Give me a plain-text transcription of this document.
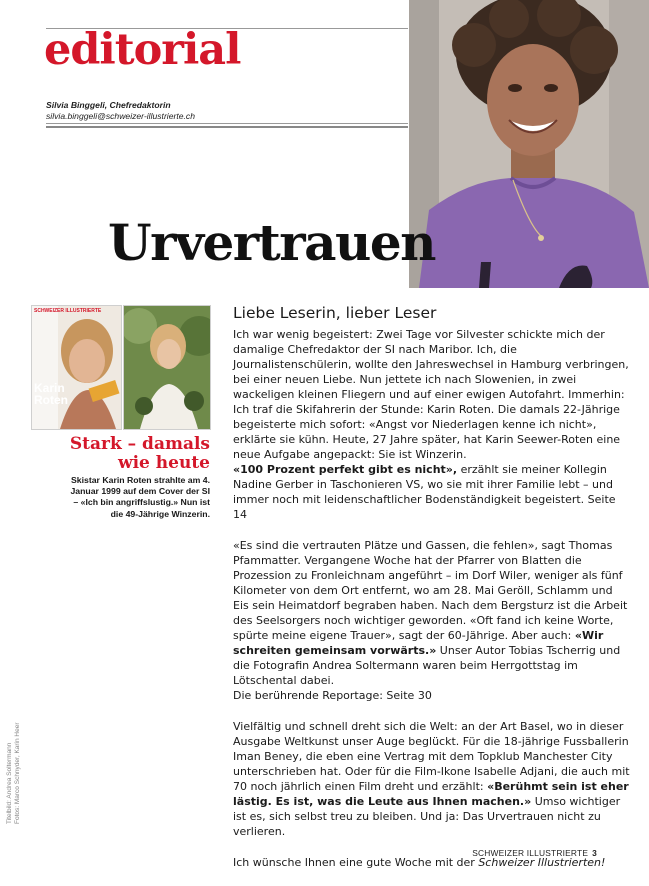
editorial
Silvia Binggeli, Chefredaktorin
silvia.binggeli@schweizer-illustrierte.ch
Urvertrauen
SCHWEIZER ILLUSTRIERTE
Karin Roten
Stark – damals wie heute

Skistar Karin Roten strahlte am 4. Januar 1999 auf dem Cover der SI – «Ich bin angriffslustig.» Nun ist die 49-Jährige Winzerin.

Titelbild: Andrea Soltermann Fotos: Marco Schnyder, Karin Heer

Liebe Leserin, lieber Leser

Ich war wenig begeistert: Zwei Tage vor Silvester schickte mich der damalige Chefredaktor der SI nach Maribor. Ich, die Journalistenschülerin, wollte den Jahreswechsel in Hamburg verbringen, bei einer neuen Liebe. Nun jettete ich nach Slowenien, in zwei wackeligen kleinen Fliegern und auf einer ewigen Autofahrt. Immerhin: Ich traf die Skifahrerin der Stunde: Karin Roten. Die damals 22-Jährige begeisterte mich sofort: «Angst vor Niederlagen kenne ich nicht», erklärte sie kühn. Heute, 27 Jahre später, hat Karin Seewer-Roten eine neue Aufgabe angepackt: Sie ist Winzerin.
«100 Prozent perfekt gibt es nicht», erzählt sie meiner Kollegin Nadine Gerber in Taschonieren VS, wo sie mit ihrer Familie lebt – und immer noch mit leidenschaftlicher Bodenständigkeit begeistert. Seite 14

«Es sind die vertrauten Plätze und Gassen, die fehlen», sagt Thomas Pfammatter. Vergangene Woche hat der Pfarrer von Blatten die Prozession zu Fronleichnam angeführt – im Dorf Wiler, weniger als fünf Kilometer von dem Ort entfernt, wo am 28. Mai Geröll, Schlamm und Eis sein Heimatdorf begraben haben. Nach dem Bergsturz ist die Arbeit des Seelsorgers noch wichtiger geworden. «Oft fand ich keine Worte, spürte meine eigene Trauer», sagt der 60-Jährige. Aber auch: «Wir schreiten gemeinsam vorwärts.» Unser Autor Tobias Tscherrig und die Fotografin Andrea Soltermann waren beim Herrgottstag im Lötschental dabei.
Die berührende Reportage: Seite 30

Vielfältig und schnell dreht sich die Welt: an der Art Basel, wo in dieser Ausgabe Weltkunst unser Auge beglückt. Für die 18-jährige Fussballerin Iman Beney, die eben eine Vertrag mit dem Topklub Manchester City unterschrieben hat. Oder für die Film-Ikone Isabelle Adjani, die auch mit 70 noch jährlich einen Film dreht und erzählt: «Berühmt sein ist eher lästig. Es ist, was die Leute aus Ihnen machen.» Umso wichtiger ist es, sich selbst treu zu bleiben. Und ja: Das Urvertrauen nicht zu verlieren.

Ich wünsche Ihnen eine gute Woche mit der Schweizer Illustrierten!

SCHWEIZER ILLUSTRIERTE 3
